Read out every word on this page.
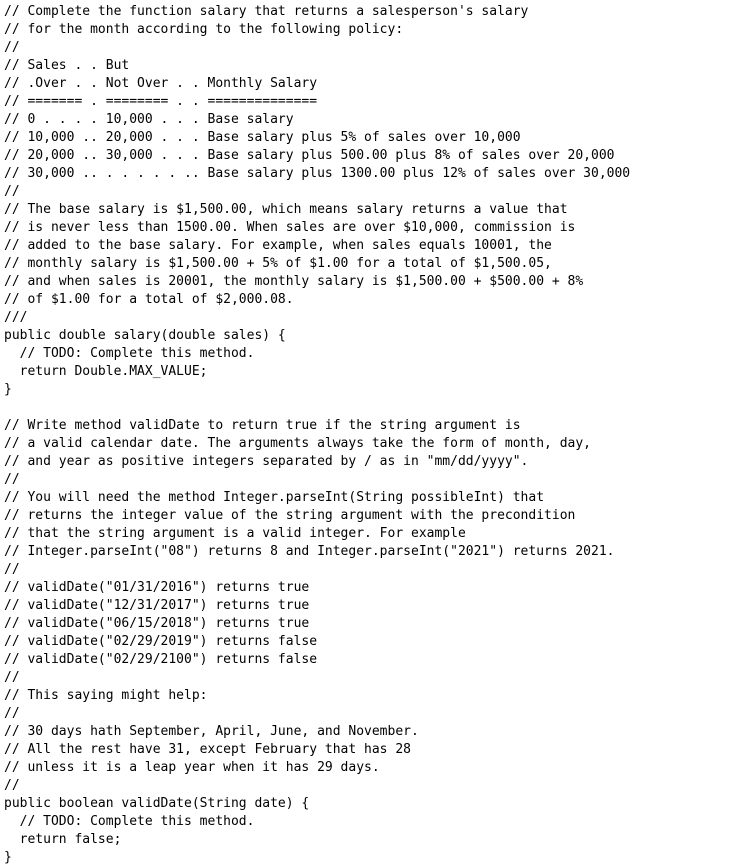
// Complete the function salary that returns a salesperson's salary
// for the month according to the following policy:
//
// Sales . . But
// .Over . . Not Over . . Monthly Salary
// ======= . ======== . . ==============
// 0 . . . . 10,000 . . . Base salary
// 10,000 .. 20,000 . . . Base salary plus 5% of sales over 10,000
// 20,000 .. 30,000 . . . Base salary plus 500.00 plus 8% of sales over 20,000
// 30,000 .. . . . . . .. Base salary plus 1300.00 plus 12% of sales over 30,000
//
// The base salary is $1,500.00, which means salary returns a value that
// is never less than 1500.00. When sales are over $10,000, commission is
// added to the base salary. For example, when sales equals 10001, the
// monthly salary is $1,500.00 + 5% of $1.00 for a total of $1,500.05,
// and when sales is 20001, the monthly salary is $1,500.00 + $500.00 + 8%
// of $1.00 for a total of $2,000.08.
///
public double salary(double sales) {
// TODO: Complete this method.
return Double.MAX_VALUE;
}
// Write method validDate to return true if the string argument is
// a valid calendar date. The arguments always take the form of month, day,
// and year as positive integers separated by / as in "mm/dd/yyyy".
//
// You will need the method Integer.parseInt(String possibleInt) that
// returns the integer value of the string argument with the precondition
// that the string argument is a valid integer. For example
// Integer.parseInt("08") returns 8 and Integer.parseInt("2021") returns 2021.
//
// validDate("01/31/2016") returns true
// validDate("12/31/2017") returns true
// validDate("06/15/2018") returns true
// validDate("02/29/2019") returns false
// validDate("02/29/2100") returns false
//
// This saying might help:
//
// 30 days hath September, April, June, and November.
// All the rest have 31, except February that has 28
// unless it is a leap year when it has 29 days.
//
public boolean validDate(String date) {
// TODO: Complete this method.
return false;
}
